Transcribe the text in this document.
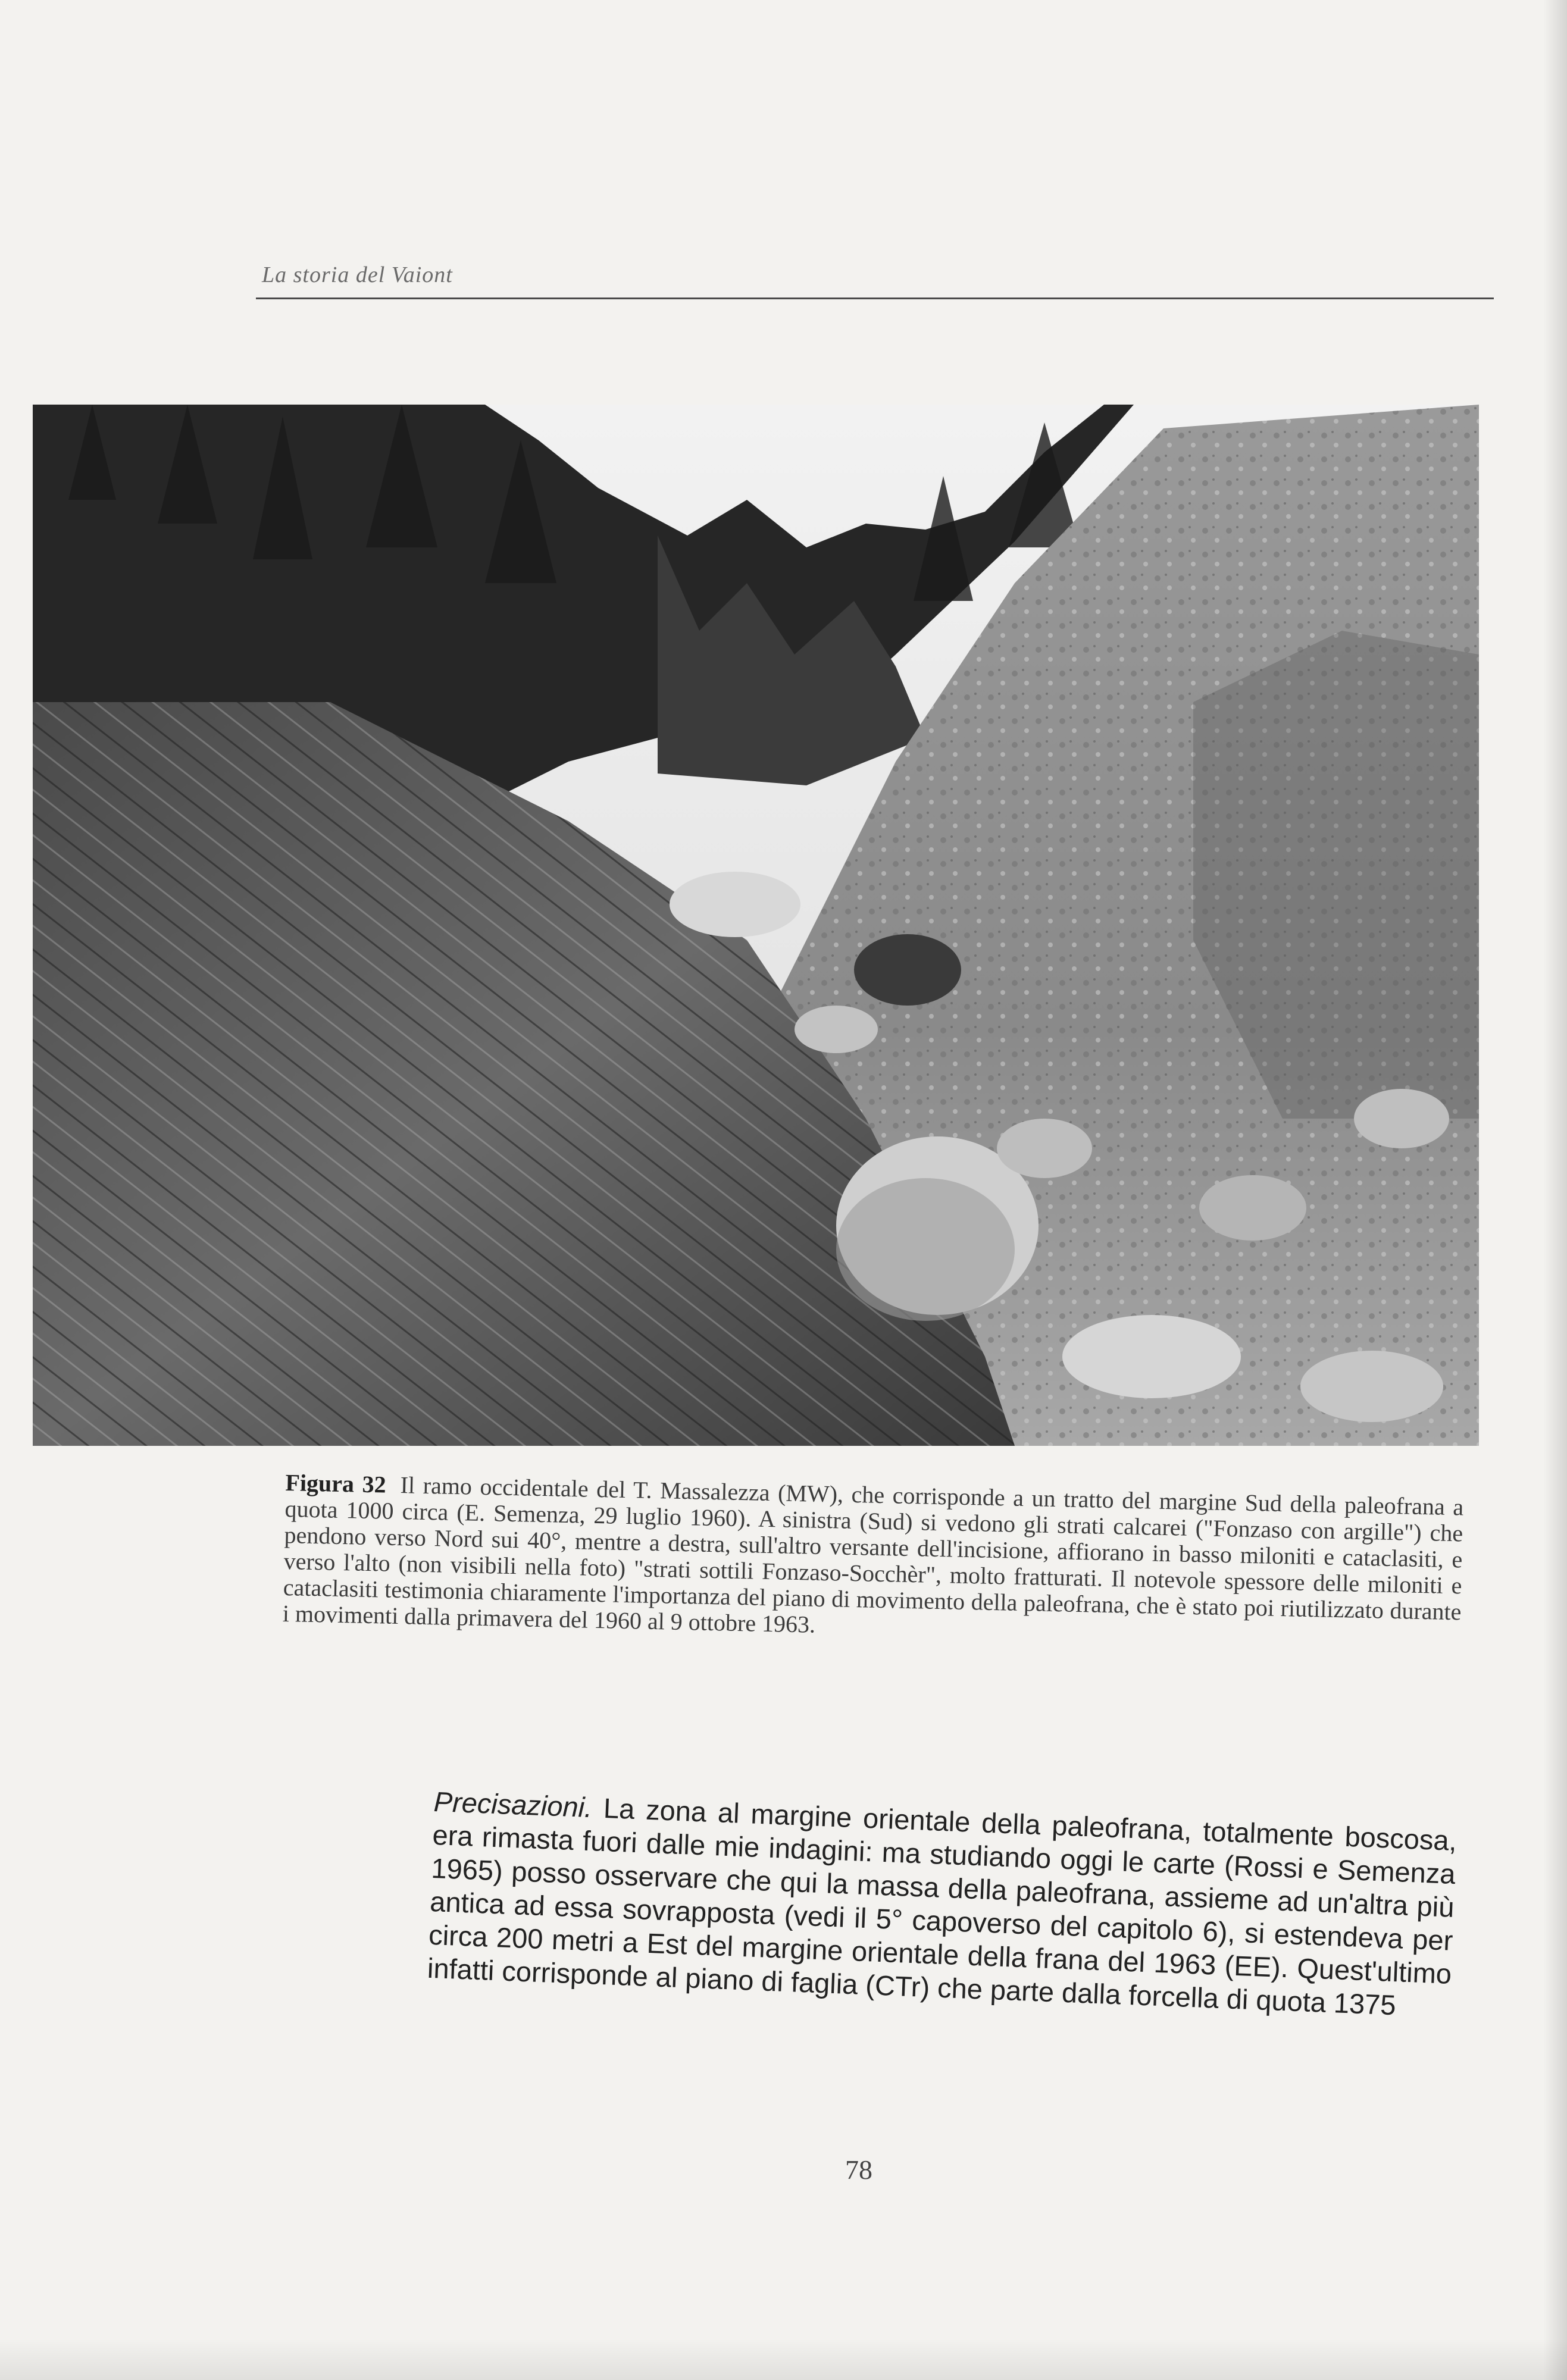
La storia del Vaiont
Figura 32 Il ramo occidentale del T. Massalezza (MW), che corrisponde a un tratto del margine Sud della paleofrana a quota 1000 circa (E. Semenza, 29 luglio 1960). A sinistra (Sud) si vedono gli strati calcarei ("Fonzaso con argille") che pendono verso Nord sui 40°, mentre a destra, sull'altro versante dell'incisione, affiorano in basso miloniti e cataclasiti, e verso l'alto (non visibili nella foto) "strati sottili Fonzaso-Socchèr", molto fratturati. Il notevole spessore delle miloniti e cataclasiti testimonia chiaramente l'importanza del piano di movimento della paleofrana, che è stato poi riutilizzato durante i movimenti dalla primavera del 1960 al 9 ottobre 1963.
Precisazioni. La zona al margine orientale della paleofrana, totalmente boscosa, era rimasta fuori dalle mie indagini: ma studiando oggi le carte (Rossi e Semenza 1965) posso osservare che qui la massa della paleofrana, assieme ad un'altra più antica ad essa sovrapposta (vedi il 5° capoverso del capitolo 6), si estendeva per circa 200 metri a Est del margine orientale della frana del 1963 (EE). Quest'ultimo infatti corrisponde al piano di faglia (CTr) che parte dalla forcella di quota 1375
78
